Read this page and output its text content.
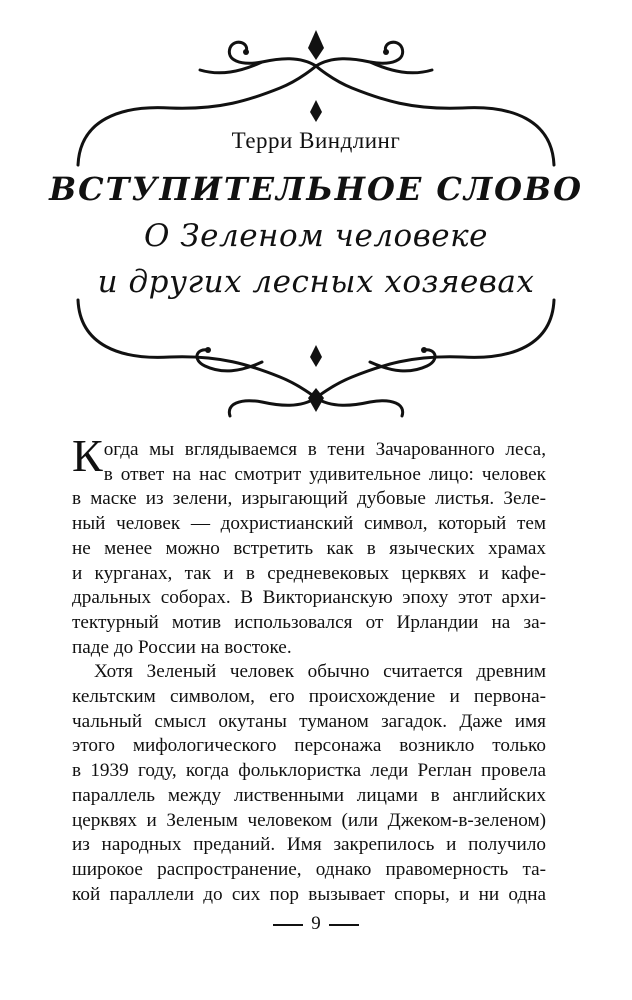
Терри Виндлинг
ВСТУПИТЕЛЬНОЕ СЛОВО
О Зеленом человеке
и других лесных хозяевах
Когда мы вглядываемся в тени Зачарованного леса,
в ответ на нас смотрит удивительное лицо: человек
в маске из зелени, изрыгающий дубовые листья. Зеле-
ный человек — дохристианский символ, который тем
не менее можно встретить как в языческих храмах
и курганах, так и в средневековых церквях и кафе-
дральных соборах. В Викторианскую эпоху этот архи-
тектурный мотив использовался от Ирландии на за-
паде до России на востоке.
Хотя Зеленый человек обычно считается древним
кельтским символом, его происхождение и первона-
чальный смысл окутаны туманом загадок. Даже имя
этого мифологического персонажа возникло только
в 1939 году, когда фольклористка леди Реглан провела
параллель между лиственными лицами в английских
церквях и Зеленым человеком (или Джеком-в-зеленом)
из народных преданий. Имя закрепилось и получило
широкое распространение, однако правомерность та-
кой параллели до сих пор вызывает споры, и ни одна
9
